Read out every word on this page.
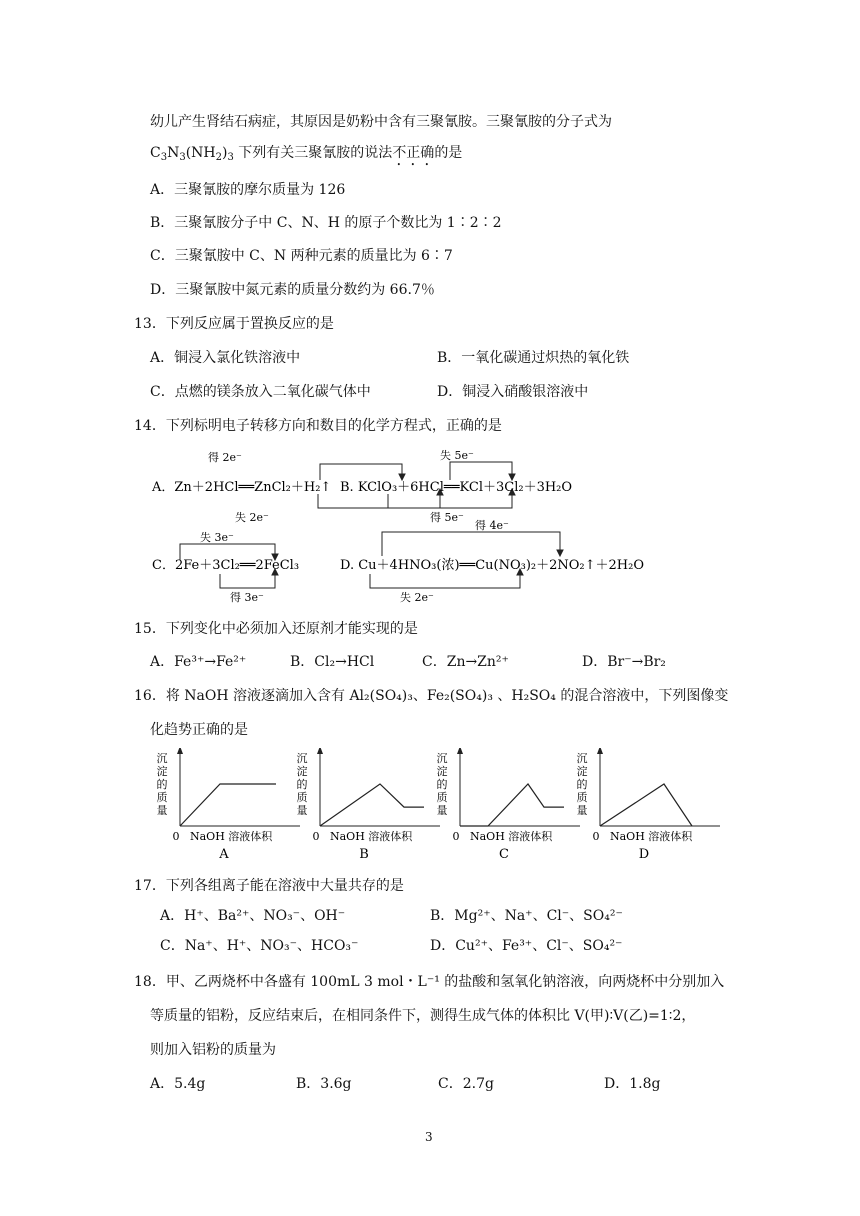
幼儿产生肾结石病症，其原因是奶粉中含有三聚氰胺。三聚氰胺的分子式为
$C_3N_3(NH_2)_3$ 下列有关三聚氰胺的说法不正确的是
A．三聚氰胺的摩尔质量为 126
B．三聚氰胺分子中 C、N、H 的原子个数比为 1∶2∶2
C．三聚氰胺中 C、N 两种元素的质量比为 6∶7
D．三聚氰胺中氮元素的质量分数约为 66.7％
13．下列反应属于置换反应的是
A．铜浸入氯化铁溶液中	B．一氧化碳通过炽热的氧化铁
C．点燃的镁条放入二氧化碳气体中	D．铜浸入硝酸银溶液中
14．下列标明电子转移方向和数目的化学方程式，正确的是
得 2e⁻
A．Zn＋2HCl══ZnCl₂＋H₂↑
失 2e⁻
失 5e⁻
B. KClO₃＋6HCl══KCl＋3Cl₂＋3H₂O
得 5e⁻
失 3e⁻
C．2Fe＋3Cl₂══2FeCl₃
得 3e⁻
得 4e⁻
D. Cu＋4HNO₃(浓)══Cu(NO₃)₂＋2NO₂↑＋2H₂O
失 2e⁻
15．下列变化中必须加入还原剂才能实现的是
A．Fe³⁺→Fe²⁺	B．Cl₂→HCl	C．Zn→Zn²⁺	D．Br⁻→Br₂
16．将 NaOH 溶液逐滴加入含有 Al₂(SO₄)₃、Fe₂(SO₄)₃ 、H₂SO₄ 的混合溶液中，下列图像变
化趋势正确的是
沉
淀
的
质
量
0 NaOH 溶液体积
A
沉
淀
的
质
量
0 NaOH 溶液体积
B
沉
淀
的
质
量
0 NaOH 溶液体积
C
沉
淀
的
质
量
0 NaOH 溶液体积
D
17．下列各组离子能在溶液中大量共存的是
A．H⁺、Ba²⁺、NO₃⁻、OH⁻	B．Mg²⁺、Na⁺、Cl⁻、SO₄²⁻
C．Na⁺、H⁺、NO₃⁻、HCO₃⁻	D．Cu²⁺、Fe³⁺、Cl⁻、SO₄²⁻
18．甲、乙两烧杯中各盛有 100mL 3 mol・L⁻¹ 的盐酸和氢氧化钠溶液，向两烧杯中分别加入
等质量的铝粉，反应结束后，在相同条件下，测得生成气体的体积比 V(甲)∶V(乙)=1∶2，
则加入铝粉的质量为
A．5.4g	B．3.6g	C．2.7g	D．1.8g
3
